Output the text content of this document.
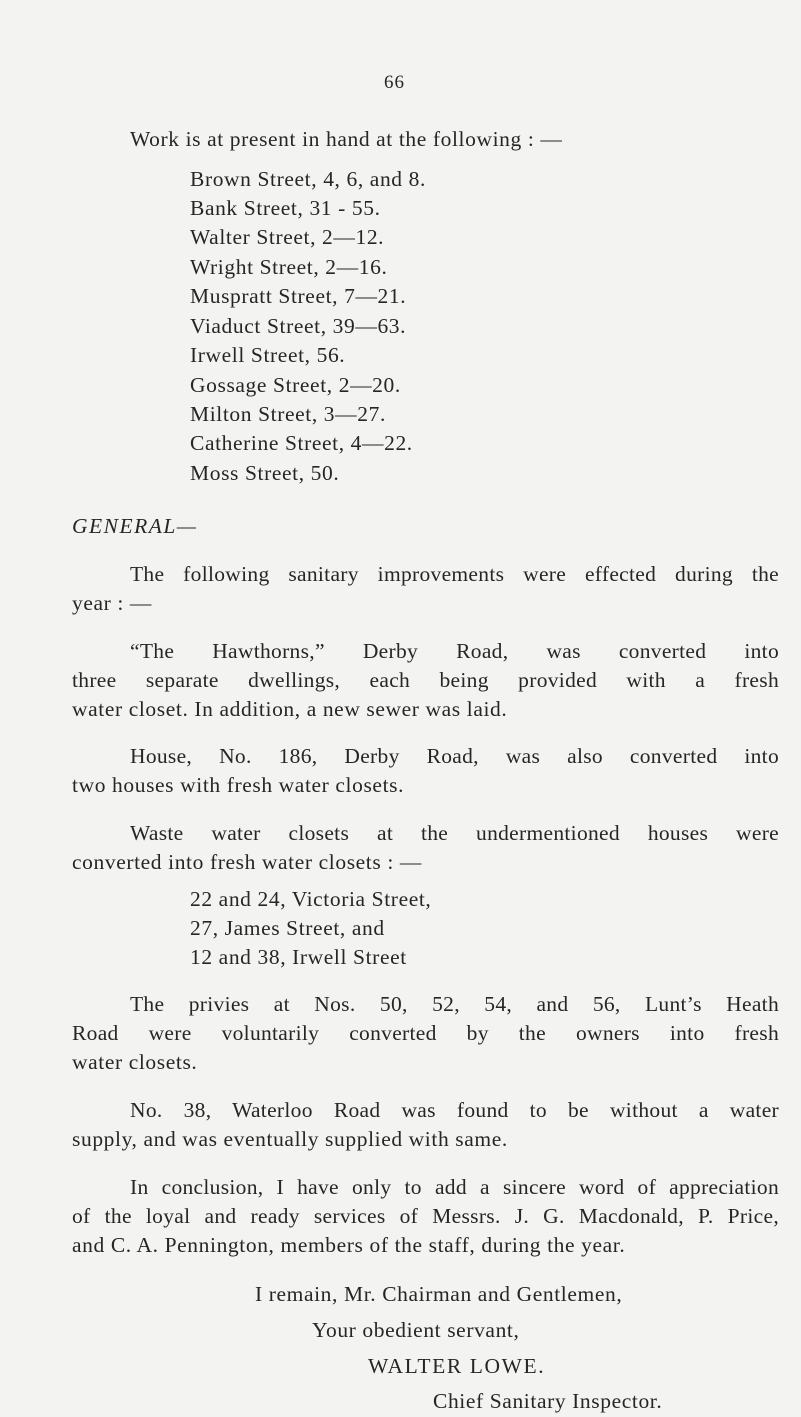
66
Work is at present in hand at the following : —
Brown Street, 4, 6, and 8.
Bank Street, 31 - 55.
Walter Street, 2—12.
Wright Street, 2—16.
Muspratt Street, 7—21.
Viaduct Street, 39—63.
Irwell Street, 56.
Gossage Street, 2—20.
Milton Street, 3—27.
Catherine Street, 4—22.
Moss Street, 50.
GENERAL—
The following sanitary improvements were effected during the
year : —
“The Hawthorns,” Derby Road, was converted into
three separate dwellings, each being provided with a fresh
water closet. In addition, a new sewer was laid.
House, No. 186, Derby Road, was also converted into
two houses with fresh water closets.
Waste water closets at the undermentioned houses were
converted into fresh water closets : —
22 and 24, Victoria Street,
27, James Street, and
12 and 38, Irwell Street
The privies at Nos. 50, 52, 54, and 56, Lunt’s Heath
Road were voluntarily converted by the owners into fresh
water closets.
No. 38, Waterloo Road was found to be without a water
supply, and was eventually supplied with same.
In conclusion, I have only to add a sincere word of appreciation
of the loyal and ready services of Messrs. J. G. Macdonald, P. Price,
and C. A. Pennington, members of the staff, during the year.
I remain, Mr. Chairman and Gentlemen,
Your obedient servant,
WALTER LOWE.
Chief Sanitary Inspector.
